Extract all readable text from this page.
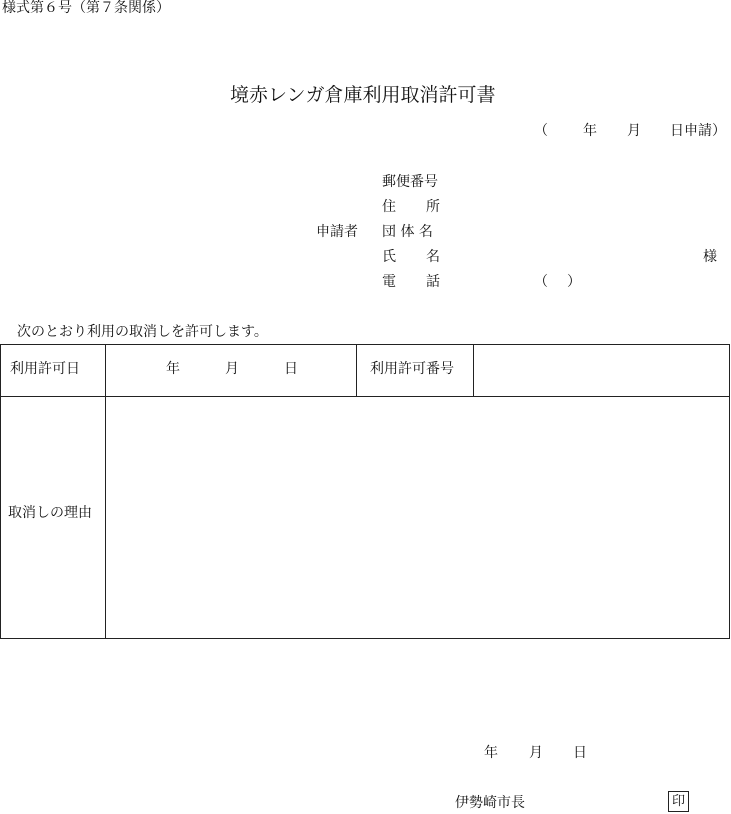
様式第６号（第７条関係）
境赤レンガ倉庫利用取消許可書
（	年 月 日申請）
郵便番号
住 所
申請者 団 体 名
氏 名	様
電 話	（ ）
次のとおり利用の取消しを許可します。
利用許可日	年	月	日	利用許可番号
取消しの理由
年 月 日
伊勢崎市長	印
